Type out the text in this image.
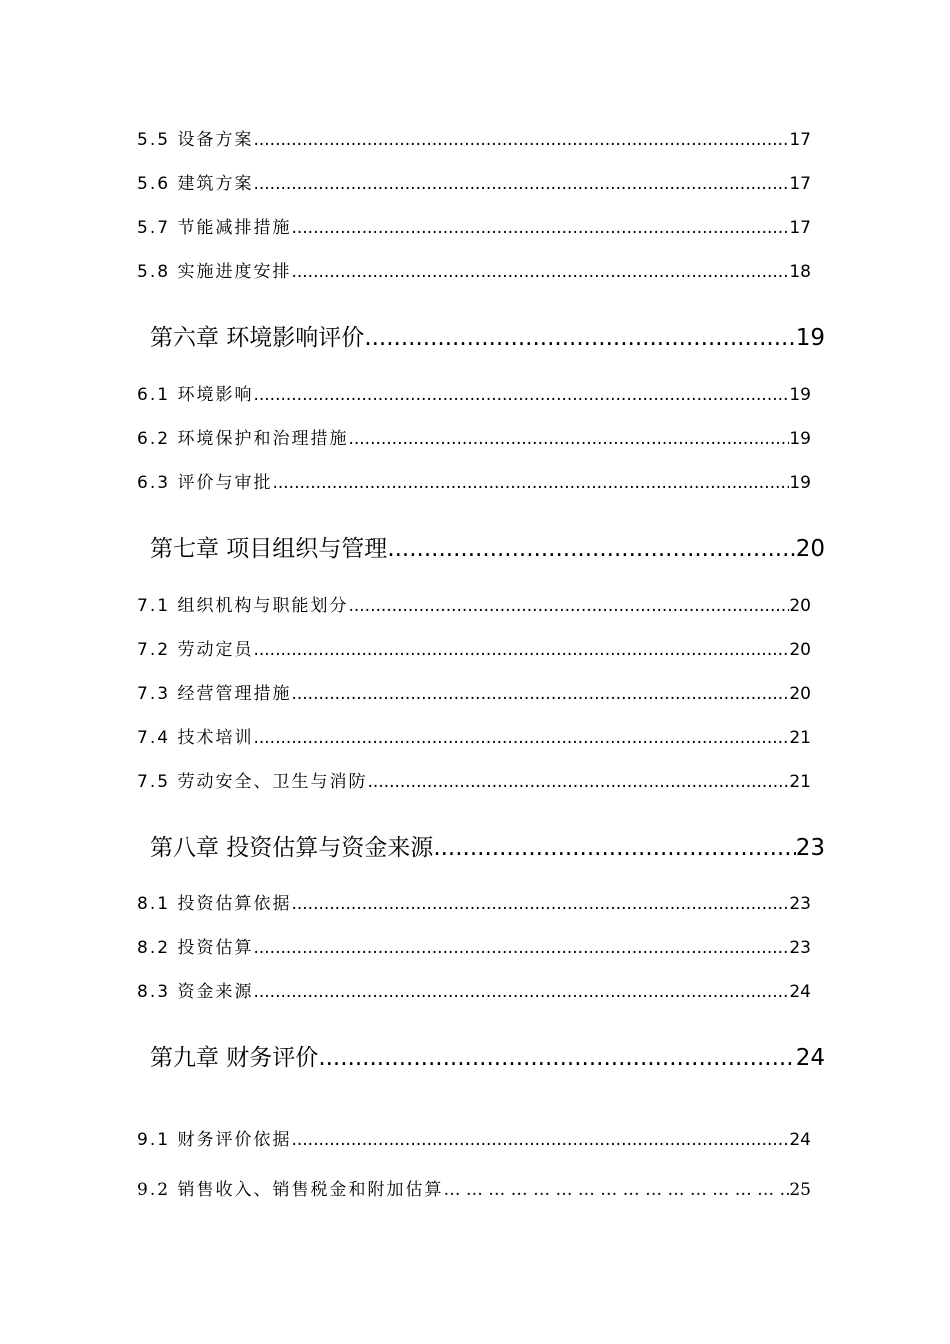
5.5 设备方案 .....	17
5.6 建筑方案 .....	17
5.7 节能减排措施 .....	17
5.8 实施进度安排 .....	18
第六章 环境影响评价 .....	19
6.1 环境影响 .....	19
6.2 环境保护和治理措施 .....	19
6.3 评价与审批 .....	19
第七章 项目组织与管理 .....	20
7.1 组织机构与职能划分 .....	20
7.2 劳动定员 .....	20
7.3 经营管理措施 .....	20
7.4 技术培训 .....	21
7.5 劳动安全、卫生与消防 .....	21
第八章 投资估算与资金来源 .....	23
8.1 投资估算依据 .....	23
8.2 投资估算 .....	23
8.3 资金来源 .....	24
第九章 财务评价 .....	24
9.1 财务评价依据 .....	24
9.2 销售收入、销售税金和附加估算 … … … … … … … … … … … … … … … … … … … … … … … … … … … … … … … … … … … … … … … … … … … … … … … … … … … … … … … … … … … … … … … … … … … … … … … … … … … …	25
